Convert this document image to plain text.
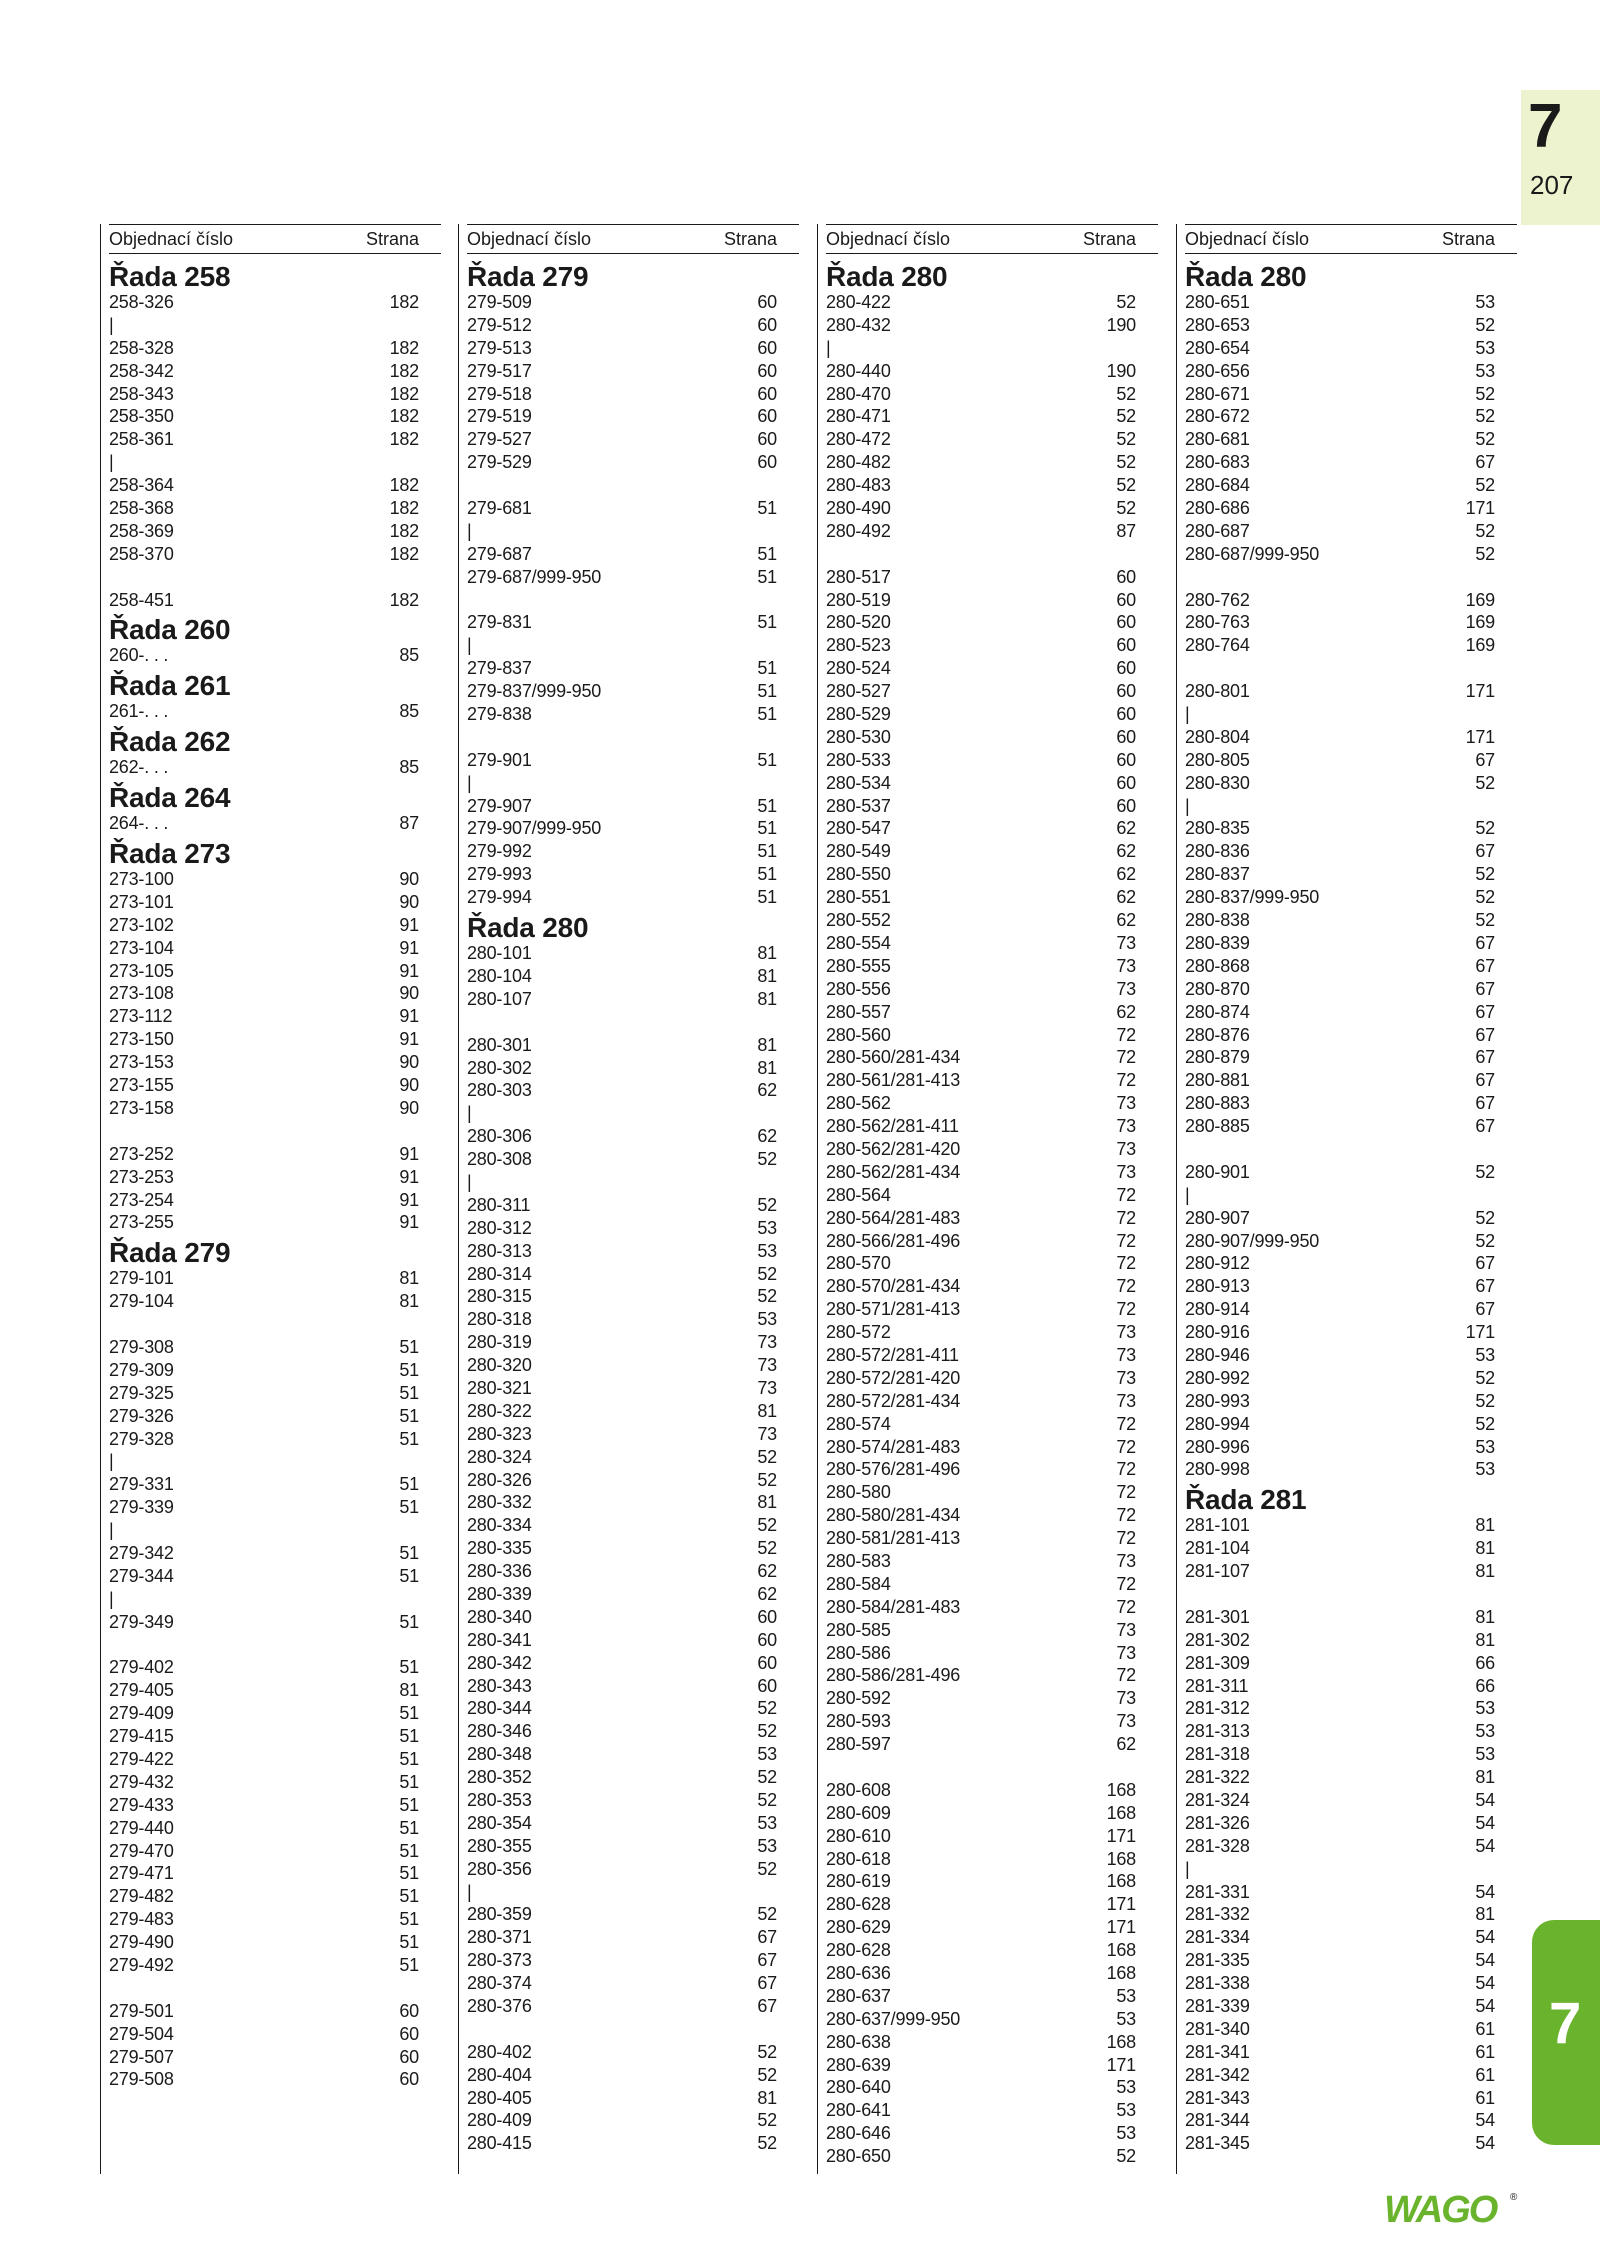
7
207
Objednací číslo	Strana
Řada 258
258-326	182
|
258-328	182
258-342	182
258-343	182
258-350	182
258-361	182
|
258-364	182
258-368	182
258-369	182
258-370	182
258-451	182
Řada 260
260-. . .	85
Řada 261
261-. . .	85
Řada 262
262-. . .	85
Řada 264
264-. . .	87
Řada 273
273-100	90
273-101	90
273-102	91
273-104	91
273-105	91
273-108	90
273-112	91
273-150	91
273-153	90
273-155	90
273-158	90
273-252	91
273-253	91
273-254	91
273-255	91
Řada 279
279-101	81
279-104	81
279-308	51
279-309	51
279-325	51
279-326	51
279-328	51
|
279-331	51
279-339	51
|
279-342	51
279-344	51
|
279-349	51
279-402	51
279-405	81
279-409	51
279-415	51
279-422	51
279-432	51
279-433	51
279-440	51
279-470	51
279-471	51
279-482	51
279-483	51
279-490	51
279-492	51
279-501	60
279-504	60
279-507	60
279-508	60
Objednací číslo	Strana
Řada 279
279-509	60
279-512	60
279-513	60
279-517	60
279-518	60
279-519	60
279-527	60
279-529	60
279-681	51
|
279-687	51
279-687/999-950	51
279-831	51
|
279-837	51
279-837/999-950	51
279-838	51
279-901	51
|
279-907	51
279-907/999-950	51
279-992	51
279-993	51
279-994	51
Řada 280
280-101	81
280-104	81
280-107	81
280-301	81
280-302	81
280-303	62
|
280-306	62
280-308	52
|
280-311	52
280-312	53
280-313	53
280-314	52
280-315	52
280-318	53
280-319	73
280-320	73
280-321	73
280-322	81
280-323	73
280-324	52
280-326	52
280-332	81
280-334	52
280-335	52
280-336	62
280-339	62
280-340	60
280-341	60
280-342	60
280-343	60
280-344	52
280-346	52
280-348	53
280-352	52
280-353	52
280-354	53
280-355	53
280-356	52
|
280-359	52
280-371	67
280-373	67
280-374	67
280-376	67
280-402	52
280-404	52
280-405	81
280-409	52
280-415	52
Objednací číslo	Strana
Řada 280
280-422	52
280-432	190
|
280-440	190
280-470	52
280-471	52
280-472	52
280-482	52
280-483	52
280-490	52
280-492	87
280-517	60
280-519	60
280-520	60
280-523	60
280-524	60
280-527	60
280-529	60
280-530	60
280-533	60
280-534	60
280-537	60
280-547	62
280-549	62
280-550	62
280-551	62
280-552	62
280-554	73
280-555	73
280-556	73
280-557	62
280-560	72
280-560/281-434	72
280-561/281-413	72
280-562	73
280-562/281-411	73
280-562/281-420	73
280-562/281-434	73
280-564	72
280-564/281-483	72
280-566/281-496	72
280-570	72
280-570/281-434	72
280-571/281-413	72
280-572	73
280-572/281-411	73
280-572/281-420	73
280-572/281-434	73
280-574	72
280-574/281-483	72
280-576/281-496	72
280-580	72
280-580/281-434	72
280-581/281-413	72
280-583	73
280-584	72
280-584/281-483	72
280-585	73
280-586	73
280-586/281-496	72
280-592	73
280-593	73
280-597	62
280-608	168
280-609	168
280-610	171
280-618	168
280-619	168
280-628	171
280-629	171
280-628	168
280-636	168
280-637	53
280-637/999-950	53
280-638	168
280-639	171
280-640	53
280-641	53
280-646	53
280-650	52
Objednací číslo	Strana
Řada 280
280-651	53
280-653	52
280-654	53
280-656	53
280-671	52
280-672	52
280-681	52
280-683	67
280-684	52
280-686	171
280-687	52
280-687/999-950	52
280-762	169
280-763	169
280-764	169
280-801	171
|
280-804	171
280-805	67
280-830	52
|
280-835	52
280-836	67
280-837	52
280-837/999-950	52
280-838	52
280-839	67
280-868	67
280-870	67
280-874	67
280-876	67
280-879	67
280-881	67
280-883	67
280-885	67
280-901	52
|
280-907	52
280-907/999-950	52
280-912	67
280-913	67
280-914	67
280-916	171
280-946	53
280-992	52
280-993	52
280-994	52
280-996	53
280-998	53
Řada 281
281-101	81
281-104	81
281-107	81
281-301	81
281-302	81
281-309	66
281-311	66
281-312	53
281-313	53
281-318	53
281-322	81
281-324	54
281-326	54
281-328	54
|
281-331	54
281-332	81
281-334	54
281-335	54
281-338	54
281-339	54
281-340	61
281-341	61
281-342	61
281-343	61
281-344	54
281-345	54
7
WAGO ®
